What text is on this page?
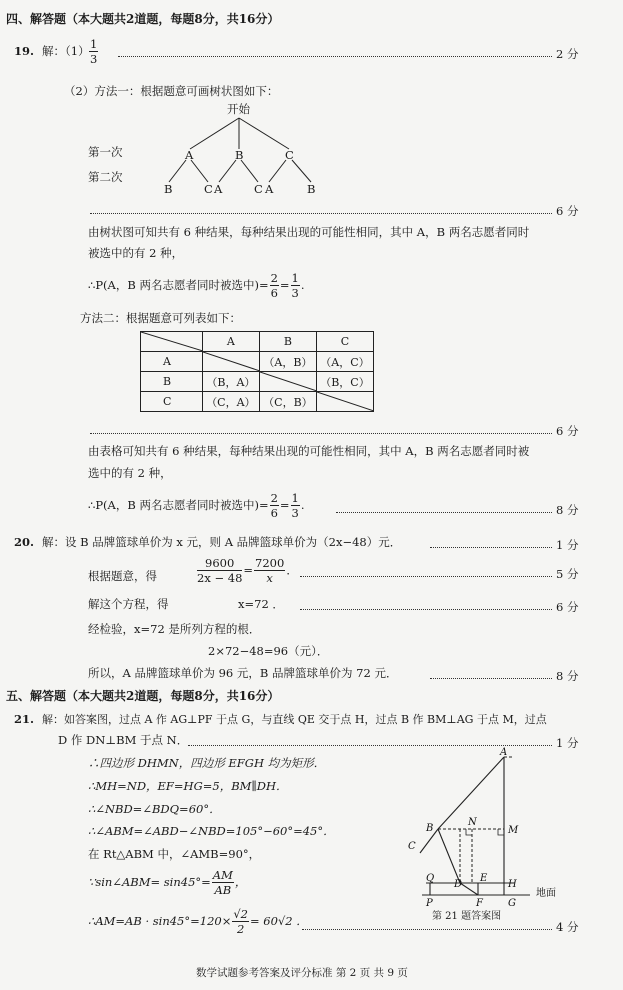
四、解答题（本大题共2道题，每题8分，共16分）
19. 解：$(1) \frac{1}{3}$	2 分
（2）方法一：根据题意可画树状图如下：
开始
第一次
第二次
A	B	C
B	C A	C A	B
6 分
由树状图可知共有 6 种结果，每种结果出现的可能性相同，其中 A，B 两名志愿者同时
被选中的有 2 种，
∴P(A，B 两名志愿者同时被选中)= $\frac{2}{6} = \frac{1}{3}$ .
方法二：根据题意可列表如下：
	A	B	C
A		（A，B）	（A，C）
B	（B，A）		（B，C）
C	（C，A）	（C，B）	
6 分
由表格可知共有 6 种结果，每种结果出现的可能性相同，其中 A，B 两名志愿者同时被
选中的有 2 种，
∴P(A，B 两名志愿者同时被选中)= $\frac{2}{6} = \frac{1}{3}$ .	8 分
20. 解：设 B 品牌篮球单价为 x 元，则 A 品牌篮球单价为（2x−48）元．	1 分
根据题意，得	$\frac{9600}{2x - 48} = \frac{7200}{x}$ ．	5 分
解这个方程，得	x=72 ．	6 分
经检验，x=72 是所列方程的根．
2×72−48=96（元）．
所以，A 品牌篮球单价为 96 元，B 品牌篮球单价为 72 元．	8 分
五、解答题（本大题共2道题，每题8分，共16分）
21. 解：如答案图，过点 A 作 AG⊥PF 于点 G，与直线 QE 交于点 H，过点 B 作 BM⊥AG 于点 M，过点
D 作 DN⊥BM 于点 N．	1 分
∴四边形 DHMN，四边形 EFGH 均为矩形．
∴MH=ND，EF=HG=5，BM∥DH．
∴∠NBD=∠BDQ=60°．
∴∠ABM=∠ABD−∠NBD=105°−60°=45°．
在 Rt△ABM 中，∠AMB=90°，
∵sin∠ABM= $\sin 45^\circ= \frac{AM}{AB}$ ，
∴AM=AB · $\sin 45^\circ=120\times \frac{√2}{2} = 60√2$ ．	4 分
A
B
C
N
M
Q
D
E
H
P	F	G
地面
第 21 题答案图
数学试题参考答案及评分标准 第 2 页 共 9 页
